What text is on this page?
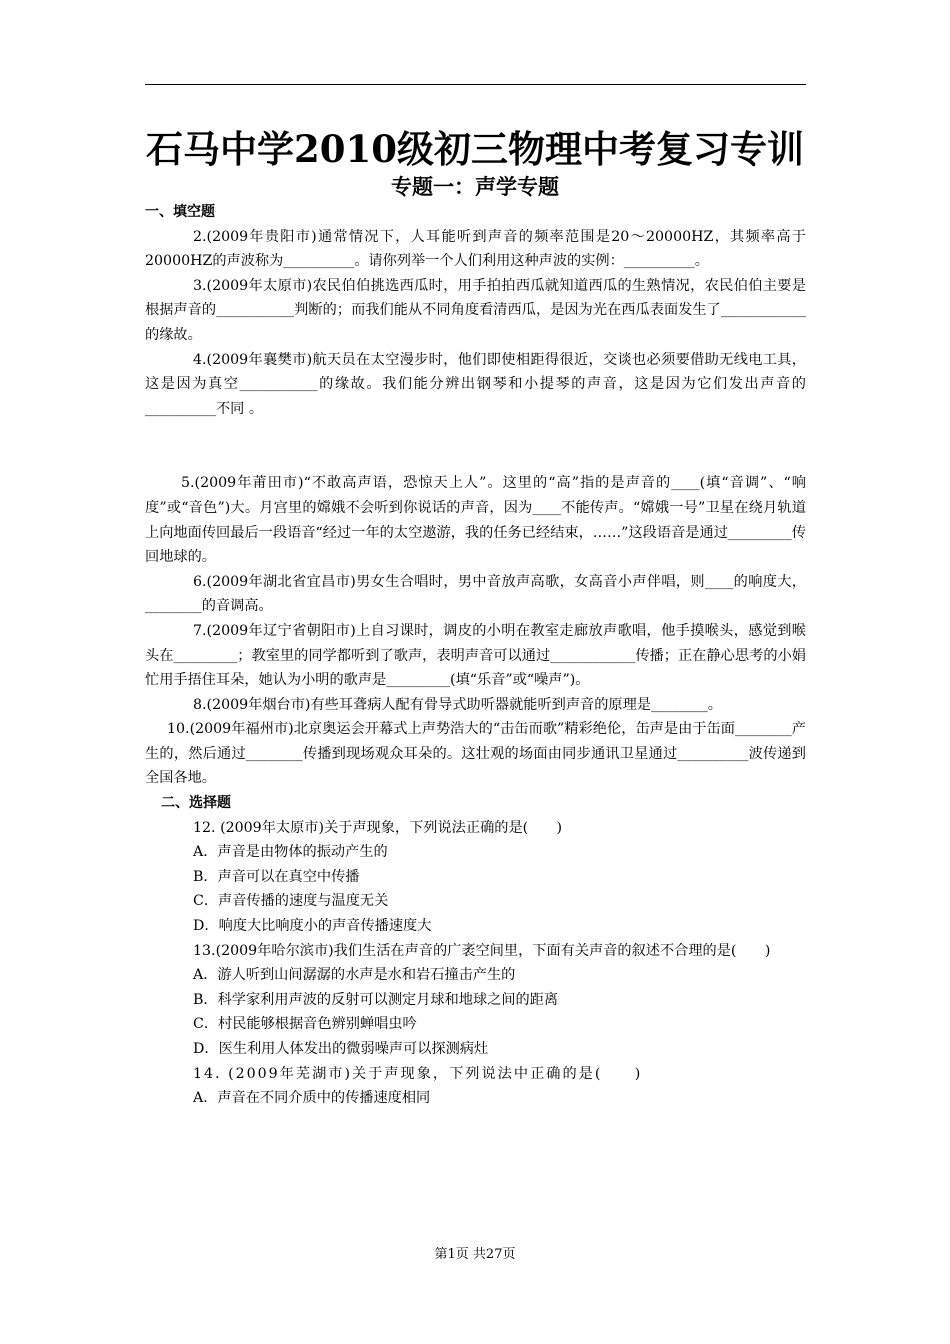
石马中学2010级初三物理中考复习专训
专题一：声学专题

一、填空题

2.(2009年贵阳市)通常情况下，人耳能听到声音的频率范围是20～20000HZ，其频率高于20000HZ的声波称为__________。请你列举一个人们利用这种声波的实例：__________。

3.(2009年太原市)农民伯伯挑选西瓜时，用手拍拍西瓜就知道西瓜的生熟情况，农民伯伯主要是根据声音的___________判断的；而我们能从不同角度看清西瓜，是因为光在西瓜表面发生了____________的缘故。

4.(2009年襄樊市)航天员在太空漫步时，他们即使相距得很近，交谈也必须要借助无线电工具，这是因为真空___________的缘故。我们能分辨出钢琴和小提琴的声音，这是因为它们发出声音的__________不同 。

5.(2009年莆田市)“不敢高声语，恐惊天上人”。这里的“高”指的是声音的____(填“音调”、“响度”或“音色”)大。月宫里的嫦娥不会听到你说话的声音，因为____不能传声。“嫦娥一号”卫星在绕月轨道上向地面传回最后一段语音“经过一年的太空遨游，我的任务已经结束，……”这段语音是通过_________传回地球的。

6.(2009年湖北省宜昌市)男女生合唱时，男中音放声高歌，女高音小声伴唱，则____的响度大，________的音调高。

7.(2009年辽宁省朝阳市)上自习课时，调皮的小明在教室走廊放声歌唱，他手摸喉头，感觉到喉头在_________；教室里的同学都听到了歌声，表明声音可以通过____________传播；正在静心思考的小娟忙用手捂住耳朵，她认为小明的歌声是_________(填“乐音”或“噪声”)。

8.(2009年烟台市)有些耳聋病人配有骨导式助听器就能听到声音的原理是________。

10.(2009年福州市)北京奥运会开幕式上声势浩大的“击缶而歌”精彩绝伦，缶声是由于缶面________产生的，然后通过________传播到现场观众耳朵的。这壮观的场面由同步通讯卫星通过__________波传递到全国各地。

二、选择题

12. (2009年太原市)关于声现象，下列说法正确的是(　　)

A．声音是由物体的振动产生的

B．声音可以在真空中传播

C．声音传播的速度与温度无关

D．响度大比响度小的声音传播速度大

13.(2009年哈尔滨市)我们生活在声音的广袤空间里，下面有关声音的叙述不合理的是(　　)

A．游人听到山间潺潺的水声是水和岩石撞击产生的

B．科学家利用声波的反射可以测定月球和地球之间的距离

C．村民能够根据音色辨别蝉唱虫吟

D．医生利用人体发出的微弱噪声可以探测病灶

14. (2009年芜湖市)关于声现象，下列说法中正确的是(　　)

A．声音在不同介质中的传播速度相同

第1页 共27页
